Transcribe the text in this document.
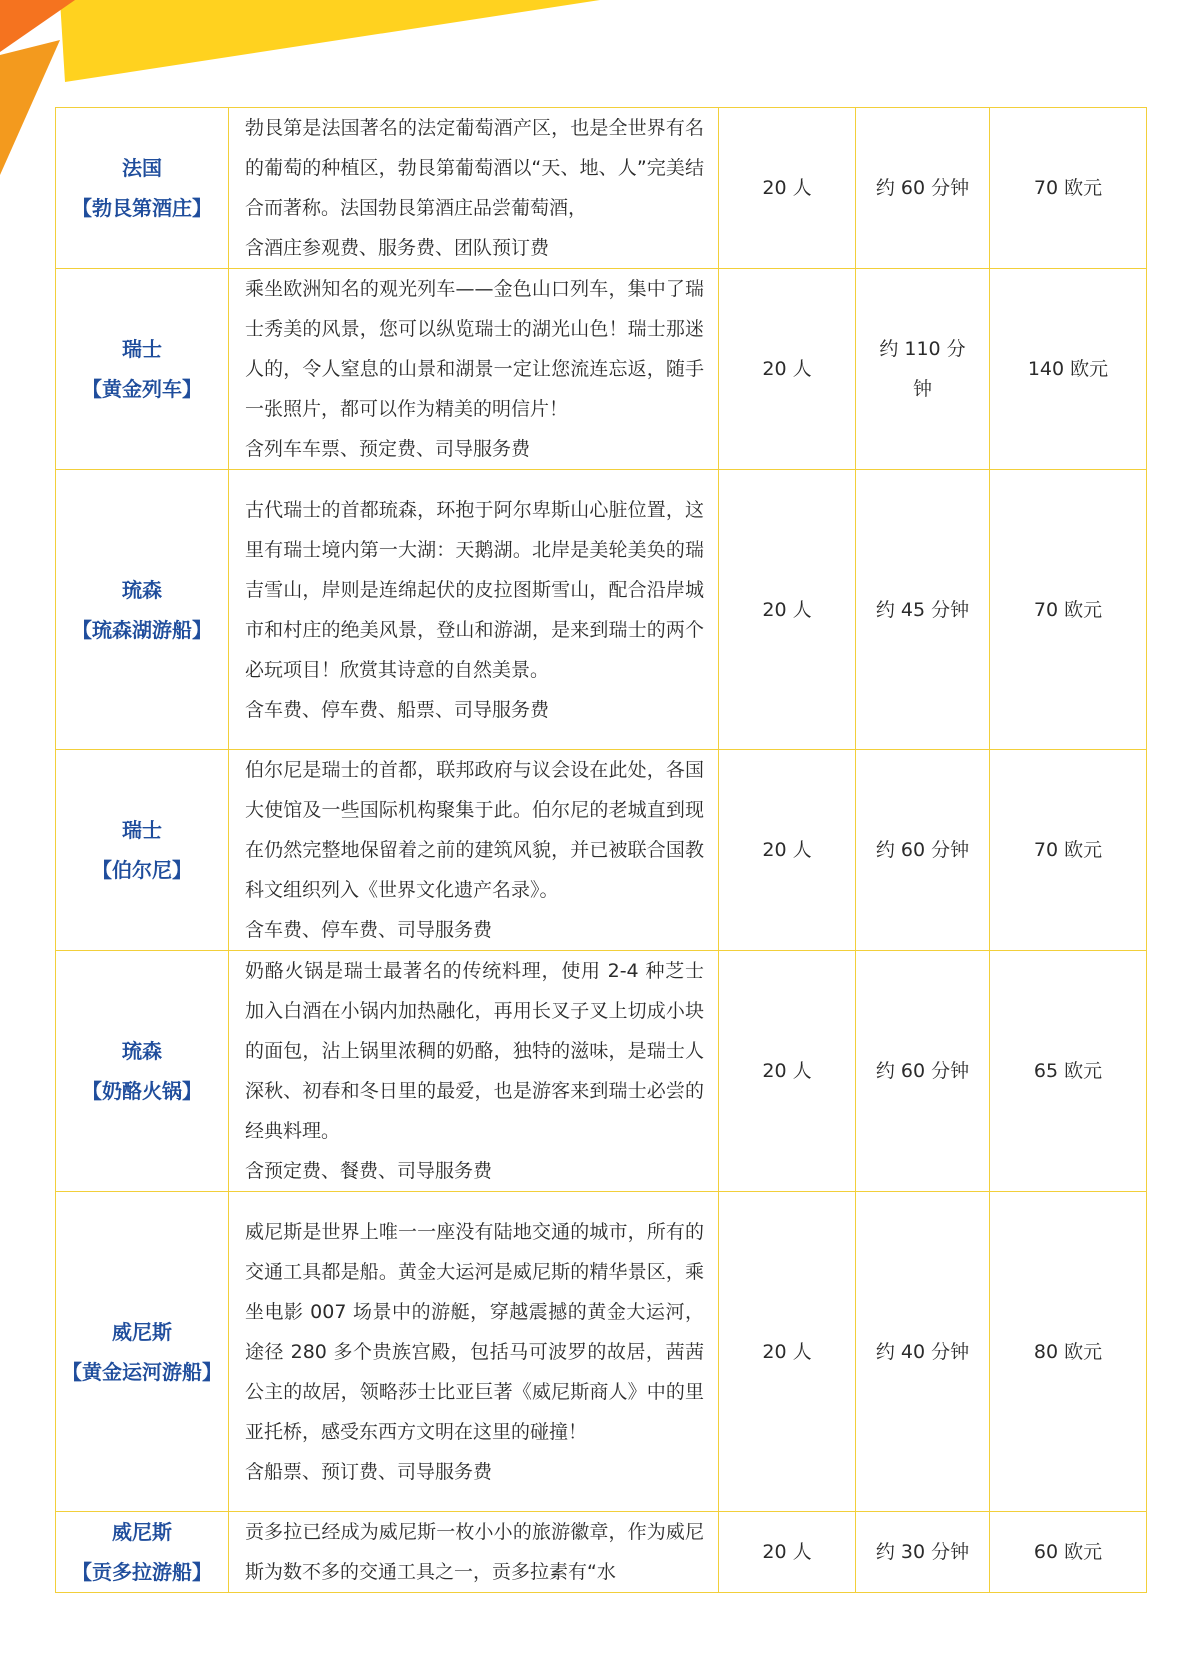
法国
【勃艮第酒庄】	勃艮第是法国著名的法定葡萄酒产区，也是全世界有名的葡萄的种植区，勃艮第葡萄酒以“天、地、人”完美结合而著称。法国勃艮第酒庄品尝葡萄酒，
含酒庄参观费、服务费、团队预订费	20 人	约 60 分钟	70 欧元

瑞士
【黄金列车】	乘坐欧洲知名的观光列车——金色山口列车，集中了瑞士秀美的风景，您可以纵览瑞士的湖光山色！瑞士那迷人的，令人窒息的山景和湖景一定让您流连忘返，随手一张照片，都可以作为精美的明信片！
含列车车票、预定费、司导服务费	20 人	约 110 分钟	140 欧元

琉森
【琉森湖游船】	古代瑞士的首都琉森，环抱于阿尔卑斯山心脏位置，这里有瑞士境内第一大湖：天鹅湖。北岸是美轮美奂的瑞吉雪山，岸则是连绵起伏的皮拉图斯雪山，配合沿岸城市和村庄的绝美风景，登山和游湖，是来到瑞士的两个必玩项目！欣赏其诗意的自然美景。
含车费、停车费、船票、司导服务费	20 人	约 45 分钟	70 欧元

瑞士
【伯尔尼】	伯尔尼是瑞士的首都，联邦政府与议会设在此处，各国大使馆及一些国际机构聚集于此。伯尔尼的老城直到现在仍然完整地保留着之前的建筑风貌，并已被联合国教科文组织列入《世界文化遗产名录》。
含车费、停车费、司导服务费	20 人	约 60 分钟	70 欧元

琉森
【奶酪火锅】	奶酪火锅是瑞士最著名的传统料理，使用 2-4 种芝士加入白酒在小锅内加热融化，再用长叉子叉上切成小块的面包，沾上锅里浓稠的奶酪，独特的滋味，是瑞士人深秋、初春和冬日里的最爱，也是游客来到瑞士必尝的经典料理。
含预定费、餐费、司导服务费	20 人	约 60 分钟	65 欧元

威尼斯
【黄金运河游船】	威尼斯是世界上唯一一座没有陆地交通的城市，所有的交通工具都是船。黄金大运河是威尼斯的精华景区，乘坐电影 007 场景中的游艇，穿越震撼的黄金大运河，途径 280 多个贵族宫殿，包括马可波罗的故居，茜茜公主的故居，领略莎士比亚巨著《威尼斯商人》中的里亚托桥，感受东西方文明在这里的碰撞！
含船票、预订费、司导服务费	20 人	约 40 分钟	80 欧元

威尼斯
【贡多拉游船】	贡多拉已经成为威尼斯一枚小小的旅游徽章，作为威尼斯为数不多的交通工具之一，贡多拉素有“水	20 人	约 30 分钟	60 欧元
